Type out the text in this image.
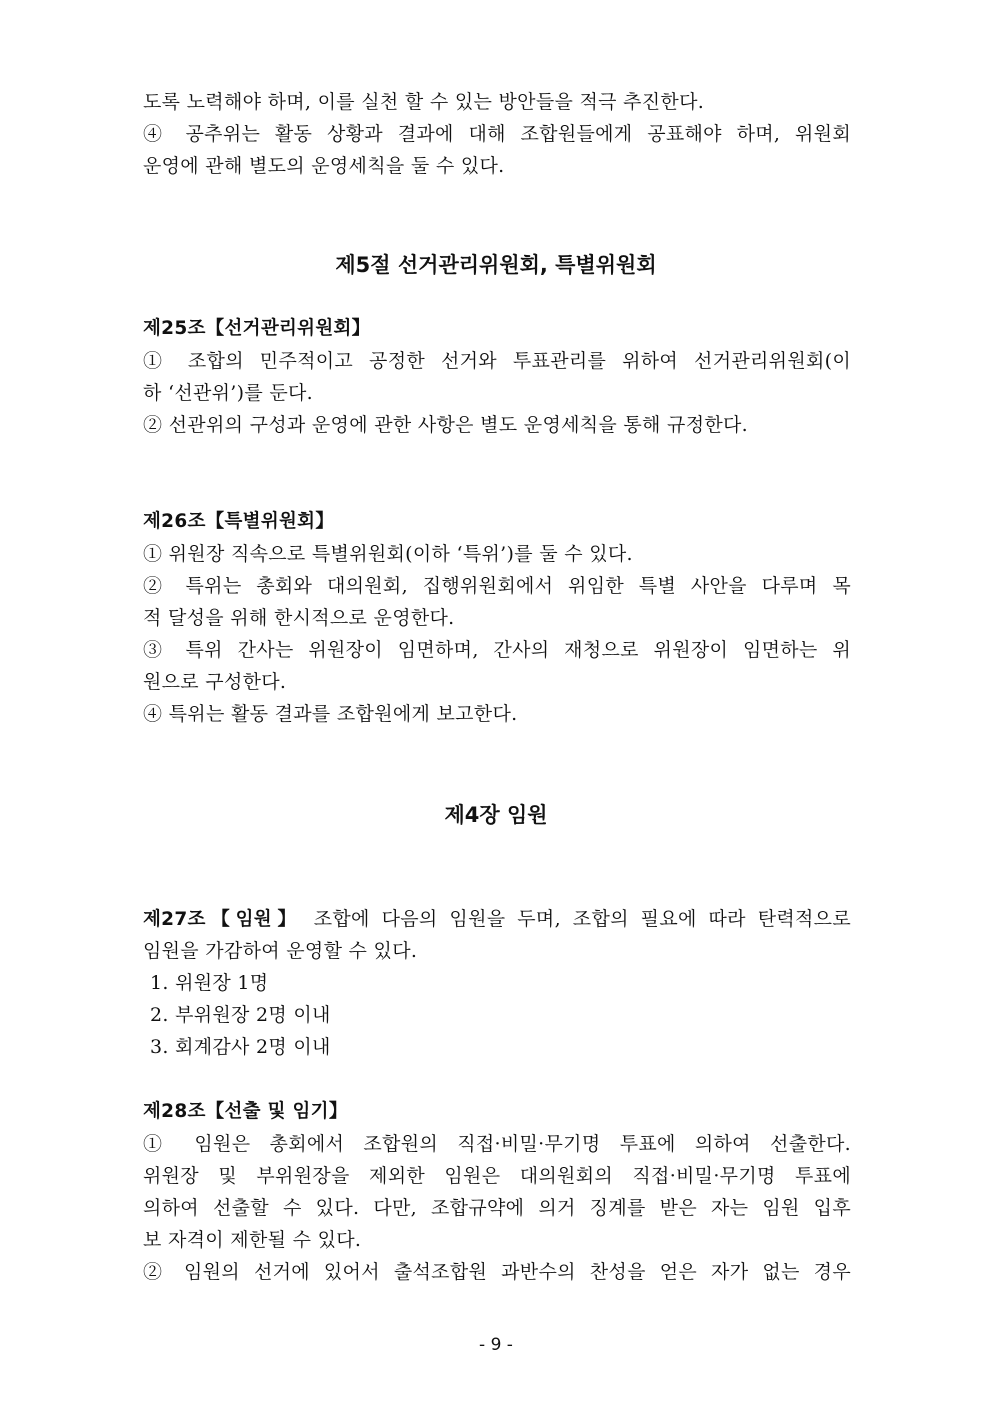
도록 노력해야 하며, 이를 실천 할 수 있는 방안들을 적극 추진한다.
④ 공추위는 활동 상황과 결과에 대해 조합원들에게 공표해야 하며, 위원회
운영에 관해 별도의 운영세칙을 둘 수 있다.
제5절 선거관리위원회, 특별위원회
제25조【선거관리위원회】
① 조합의 민주적이고 공정한 선거와 투표관리를 위하여 선거관리위원회(이
하 ‘선관위’)를 둔다.
② 선관위의 구성과 운영에 관한 사항은 별도 운영세칙을 통해 규정한다.
제26조【특별위원회】
① 위원장 직속으로 특별위원회(이하 ‘특위’)를 둘 수 있다.
② 특위는 총회와 대의원회, 집행위원회에서 위임한 특별 사안을 다루며 목
적 달성을 위해 한시적으로 운영한다.
③ 특위 간사는 위원장이 임면하며, 간사의 재청으로 위원장이 임면하는 위
원으로 구성한다.
④ 특위는 활동 결과를 조합원에게 보고한다.
제4장 임원
제27조【임원】 조합에 다음의 임원을 두며, 조합의 필요에 따라 탄력적으로
임원을 가감하여 운영할 수 있다.
1. 위원장 1명
2. 부위원장 2명 이내
3. 회계감사 2명 이내
제28조【선출 및 임기】
① 임원은 총회에서 조합원의 직접·비밀·무기명 투표에 의하여 선출한다.
위원장 및 부위원장을 제외한 임원은 대의원회의 직접·비밀·무기명 투표에
의하여 선출할 수 있다. 다만, 조합규약에 의거 징계를 받은 자는 임원 입후
보 자격이 제한될 수 있다.
② 임원의 선거에 있어서 출석조합원 과반수의 찬성을 얻은 자가 없는 경우
- 9 -
